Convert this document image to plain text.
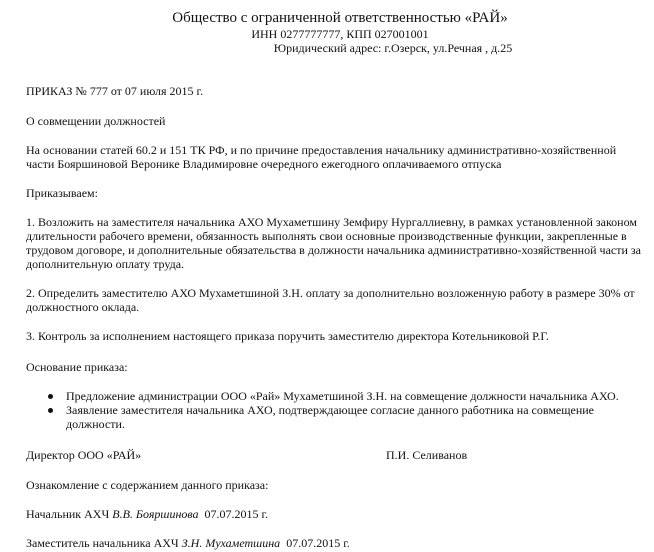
Общество с ограниченной ответственностью «РАЙ»
ИНН 0277777777, КПП 027001001
Юридический адрес: г.Озерск, ул.Речная , д.25
ПРИКАЗ № 777 от 07 июля 2015 г.
О совмещении должностей
На основании статей 60.2 и 151 ТК РФ, и по причине предоставления начальнику административно-хозяйственной
части Бояршиновой Веронике Владимировне очередного ежегодного оплачиваемого отпуска
Приказываем:
1. Возложить на заместителя начальника АХО Мухаметшину Земфиру Нургаллиевну, в рамках установленной законом
длительности рабочего времени, обязанность выполнять свои основные производственные функции, закрепленные в
трудовом договоре, и дополнительные обязательства в должности начальника административно-хозяйственной части за
дополнительную оплату труда.
2. Определить заместителю АХО Мухаметшиной З.Н. оплату за дополнительно возложенную работу в размере 30% от
должностного оклада.
3. Контроль за исполнением настоящего приказа поручить заместителю директора Котельниковой Р.Г.
Основание приказа:
Предложение администрации ООО «Рай» Мухаметшиной З.Н. на совмещение должности начальника АХО.
Заявление заместителя начальника АХО, подтверждающее согласие данного работника на совмещение
должности.
Директор ООО «РАЙ»	П.И. Селиванов
Ознакомление с содержанием данного приказа:
Начальник АХЧ В.В. Бояршинова 07.07.2015 г.
Заместитель начальника АХЧ З.Н. Мухаметшина 07.07.2015 г.
